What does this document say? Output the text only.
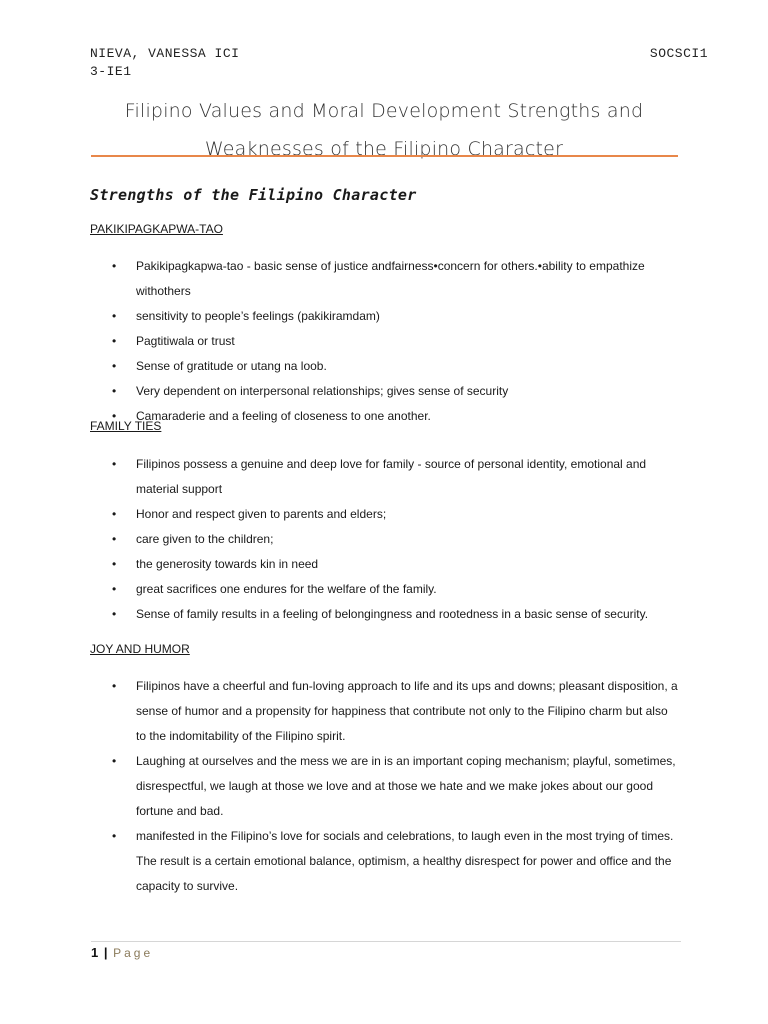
NIEVA, VANESSA ICI
3-IE1
SOCSCI1
Filipino Values and Moral Development Strengths and
Weaknesses of the Filipino Character
Strengths of the Filipino Character
PAKIKIPAGKAPWA-TAO
• Pakikipagkapwa-tao - basic sense of justice andfairness•concern for others.•ability to empathize withothers
• sensitivity to people’s feelings (pakikiramdam)
• Pagtitiwala or trust
• Sense of gratitude or utang na loob.
• Very dependent on interpersonal relationships; gives sense of security
• Camaraderie and a feeling of closeness to one another.
FAMILY TIES
• Filipinos possess a genuine and deep love for family - source of personal identity, emotional and material support
• Honor and respect given to parents and elders;
• care given to the children;
• the generosity towards kin in need
• great sacrifices one endures for the welfare of the family.
• Sense of family results in a feeling of belongingness and rootedness in a basic sense of security.
JOY AND HUMOR
• Filipinos have a cheerful and fun-loving approach to life and its ups and downs; pleasant disposition, a sense of humor and a propensity for happiness that contribute not only to the Filipino charm but also to the indomitability of the Filipino spirit.
• Laughing at ourselves and the mess we are in is an important coping mechanism; playful, sometimes, disrespectful, we laugh at those we love and at those we hate and we make jokes about our good fortune and bad.
• manifested in the Filipino’s love for socials and celebrations, to laugh even in the most trying of times. The result is a certain emotional balance, optimism, a healthy disrespect for power and office and the capacity to survive.
1 | Page
